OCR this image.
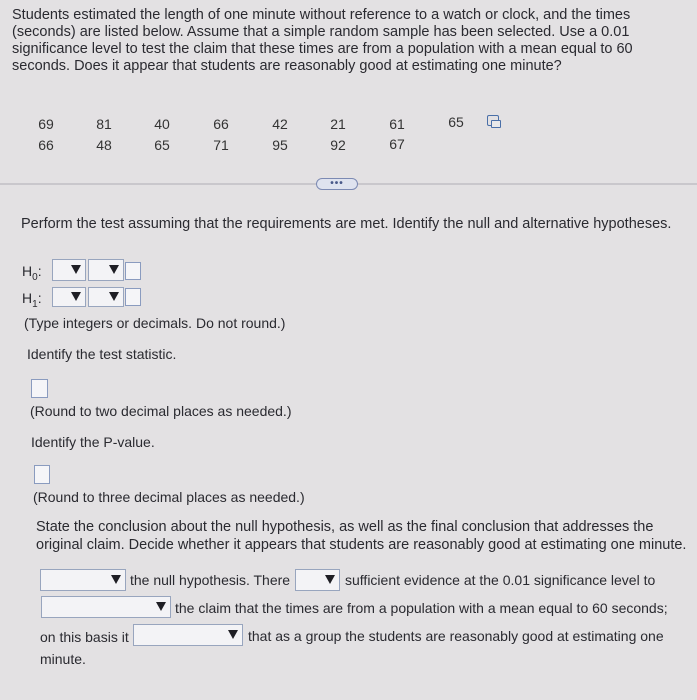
Students estimated the length of one minute without reference to a watch or clock, and the times (seconds) are listed below. Assume that a simple random sample has been selected. Use a 0.01 significance level to test the claim that these times are from a population with a mean equal to 60 seconds. Does it appear that students are reasonably good at estimating one minute?
69	81	40	66	42	21	61	65
66	48	65	71	95	92	67
•••
Perform the test assuming that the requirements are met. Identify the null and alternative hypotheses.
$H_0$:
$H_1$:
(Type integers or decimals. Do not round.)
Identify the test statistic.
(Round to two decimal places as needed.)
Identify the P-value.
(Round to three decimal places as needed.)
State the conclusion about the null hypothesis, as well as the final conclusion that addresses the original claim. Decide whether it appears that students are reasonably good at estimating one minute.
the null hypothesis. There	sufficient evidence at the 0.01 significance level to
the claim that the times are from a population with a mean equal to 60 seconds;
on this basis it	that as a group the students are reasonably good at estimating one
minute.
